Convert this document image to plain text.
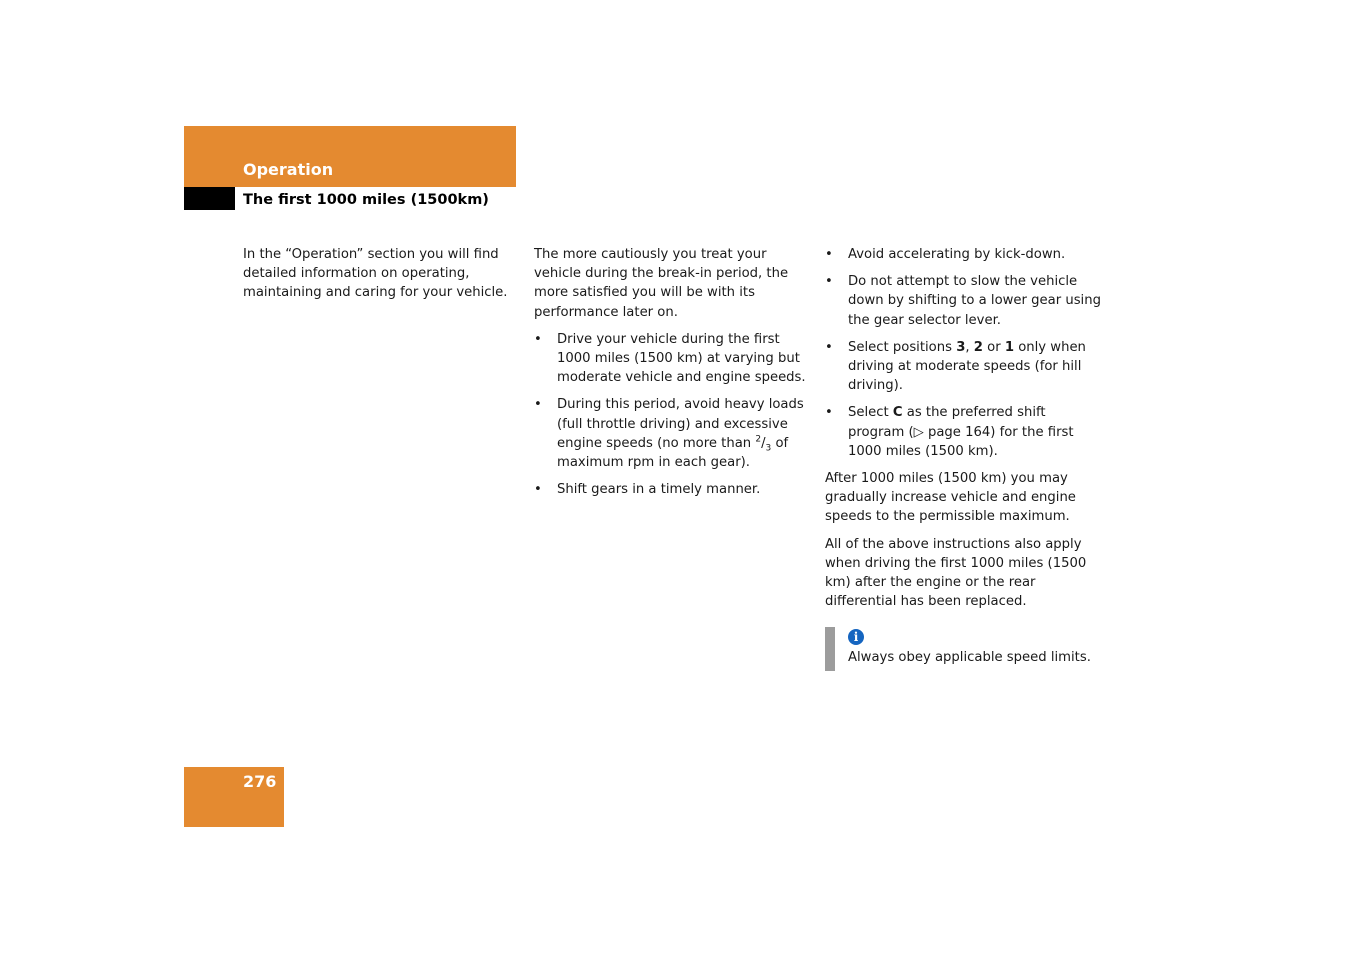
Operation
The first 1000 miles (1500km)

In the “Operation” section you will find detailed information on operating, maintaining and caring for your vehicle.

The more cautiously you treat your vehicle during the break-in period, the more satisfied you will be with its performance later on.

• Drive your vehicle during the first 1000 miles (1500 km) at varying but moderate vehicle and engine speeds.
• During this period, avoid heavy loads (full throttle driving) and excessive engine speeds (no more than $^2/_3$ of maximum rpm in each gear).
• Shift gears in a timely manner.
• Avoid accelerating by kick-down.
• Do not attempt to slow the vehicle down by shifting to a lower gear using the gear selector lever.
• Select positions 3, 2 or 1 only when driving at moderate speeds (for hill driving).
• Select C as the preferred shift program (▷ page 164) for the first 1000 miles (1500 km).

After 1000 miles (1500 km) you may gradually increase vehicle and engine speeds to the permissible maximum.

All of the above instructions also apply when driving the first 1000 miles (1500 km) after the engine or the rear differential has been replaced.

i
Always obey applicable speed limits.
276
